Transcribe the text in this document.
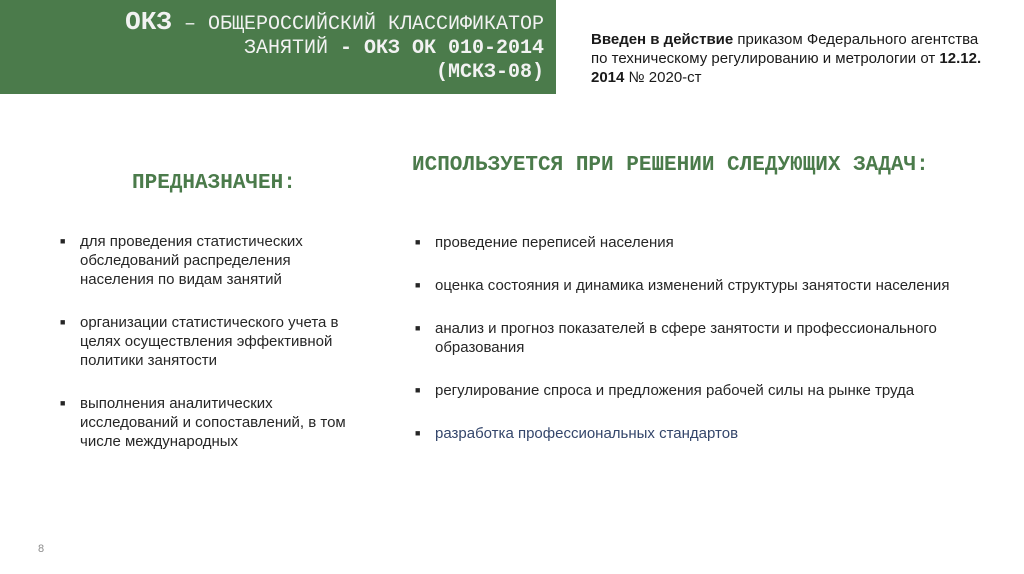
ОКЗ – ОБЩЕРОССИЙСКИЙ КЛАССИФИКАТОР
ЗАНЯТИЙ - ОКЗ ОК 010-2014
(МСКЗ-08)
Введен в действие приказом Федерального агентства по техническому регулированию и метрологии от 12.12. 2014 № 2020-ст
ПРЕДНАЗНАЧЕН:
ИСПОЛЬЗУЕТСЯ ПРИ РЕШЕНИИ СЛЕДУЮЩИХ ЗАДАЧ:
■ для проведения статистических обследований распределения населения по видам занятий
■ организации статистического учета в целях осуществления эффективной политики занятости
■ выполнения аналитических исследований и сопоставлений, в том числе международных
■ проведение переписей населения
■ оценка состояния и динамика изменений структуры занятости населения
■ анализ и прогноз показателей в сфере занятости и профессионального образования
■ регулирование спроса и предложения рабочей силы на рынке труда
■ разработка профессиональных стандартов
8
